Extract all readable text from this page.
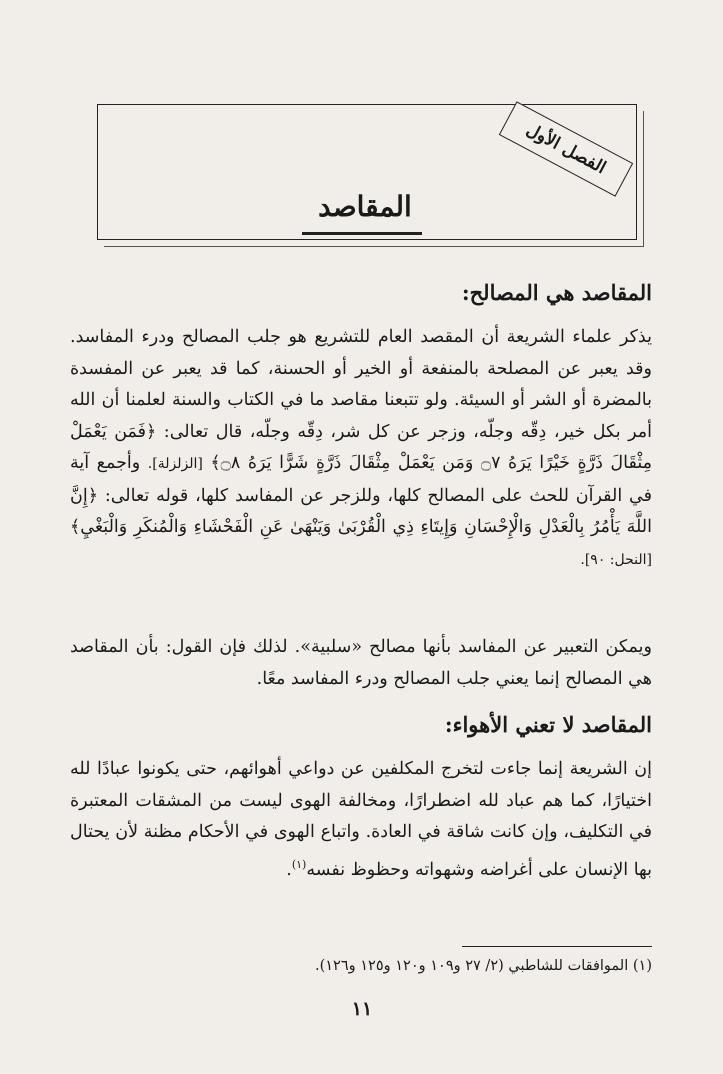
الفصل الأول
المقاصد
المقاصد هي المصالح:
يذكر علماء الشريعة أن المقصد العام للتشريع هو جلب المصالح ودرء المفاسد. وقد يعبر عن المصلحة بالمنفعة أو الخير أو الحسنة، كما قد يعبر عن المفسدة بالمضرة أو الشر أو السيئة. ولو تتبعنا مقاصد ما في الكتاب والسنة لعلمنا أن الله أمر بكل خير، دِقّه وجلّه، وزجر عن كل شر، دِقّه وجلّه، قال تعالى: ﴿فَمَن يَعْمَلْ مِثْقَالَ ذَرَّةٍ خَيْرًا يَرَهُ ۝٧ وَمَن يَعْمَلْ مِثْقَالَ ذَرَّةٍ شَرًّا يَرَهُ ۝٨﴾ [الزلزلة]. وأجمع آية في القرآن للحث على المصالح كلها، وللزجر عن المفاسد كلها، قوله تعالى: ﴿إِنَّ اللَّهَ يَأْمُرُ بِالْعَدْلِ وَالْإِحْسَانِ وَإِيتَاءِ ذِي الْقُرْبَىٰ وَيَنْهَىٰ عَنِ الْفَحْشَاءِ وَالْمُنكَرِ وَالْبَغْيِ﴾ [النحل: ٩٠].
ويمكن التعبير عن المفاسد بأنها مصالح «سلبية». لذلك فإن القول: بأن المقاصد هي المصالح إنما يعني جلب المصالح ودرء المفاسد معًا.
المقاصد لا تعني الأهواء:
إن الشريعة إنما جاءت لتخرج المكلفين عن دواعي أهوائهم، حتى يكونوا عبادًا لله اختيارًا، كما هم عباد لله اضطرارًا، ومخالفة الهوى ليست من المشقات المعتبرة في التكليف، وإن كانت شاقة في العادة. واتباع الهوى في الأحكام مظنة لأن يحتال بها الإنسان على أغراضه وشهواته وحظوظ نفسه$^{(١)}$.
(١) الموافقات للشاطبي (٢/ ٢٧ و١٠٩ و١٢٠ و١٢٥ و١٢٦).
١١
